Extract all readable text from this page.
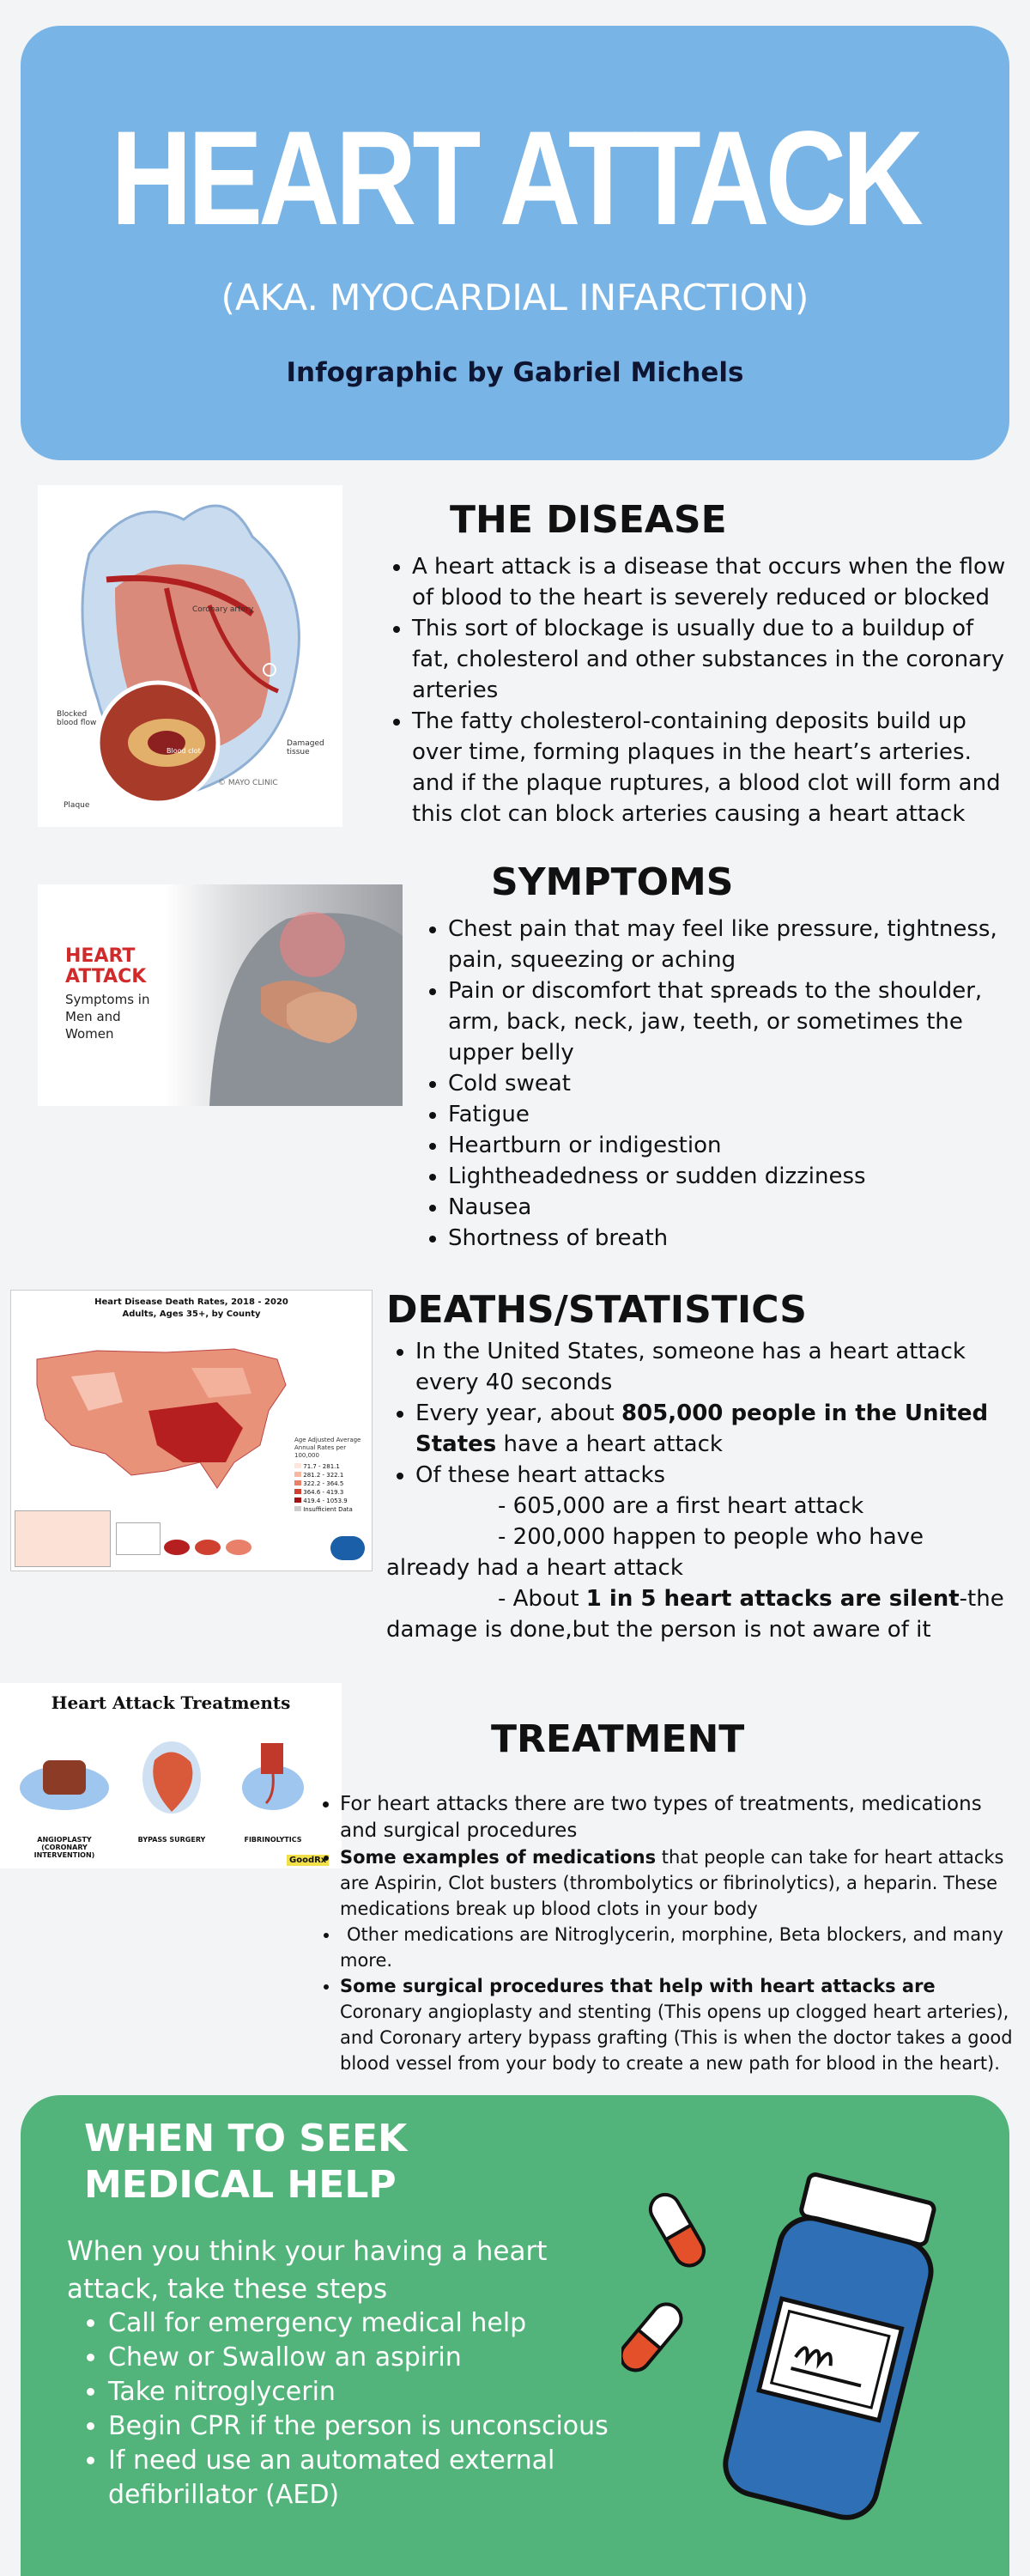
HEART ATTACK
(AKA. MYOCARDIAL INFARCTION)
Infographic by Gabriel Michels
Coronary artery
Blocked blood flow
Damaged tissue
Plaque
Blood clot
© MAYO CLINIC
THE DISEASE
• A heart attack is a disease that occurs when the flow of blood to the heart is severely reduced or blocked
• This sort of blockage is usually due to a buildup of fat, cholesterol and other substances in the coronary arteries
• The fatty cholesterol-containing deposits build up over time, forming plaques in the heart’s arteries. and if the plaque ruptures, a blood clot will form and this clot can block arteries causing a heart attack
HEART ATTACK
Symptoms in Men and Women
SYMPTOMS
• Chest pain that may feel like pressure, tightness, pain, squeezing or aching
• Pain or discomfort that spreads to the shoulder, arm, back, neck, jaw, teeth, or sometimes the upper belly
• Cold sweat
• Fatigue
• Heartburn or indigestion
• Lightheadedness or sudden dizziness
• Nausea
• Shortness of breath
Heart Disease Death Rates, 2018 - 2020
Adults, Ages 35+, by County
Age Adjusted Average Annual Rates per 100,000
71.7 - 281.1
281.2 - 322.1
322.2 - 364.5
364.6 - 419.3
419.4 - 1053.9
Insufficient Data
DEATHS/STATISTICS
• In the United States, someone has a heart attack every 40 seconds
• Every year, about 805,000 people in the United States have a heart attack
• Of these heart attacks
- 605,000 are a first heart attack
- 200,000 happen to people who have already had a heart attack
- About 1 in 5 heart attacks are silent-the damage is done,but the person is not aware of it
Heart Attack Treatments
ANGIOPLASTY (CORONARY INTERVENTION)
BYPASS SURGERY	FIBRINOLYTICS
GoodRx
TREATMENT
• For heart attacks there are two types of treatments, medications and surgical procedures
• Some examples of medications that people can take for heart attacks are Aspirin, Clot busters (thrombolytics or fibrinolytics), a heparin. These medications break up blood clots in your body
• Other medications are Nitroglycerin, morphine, Beta blockers, and many more.
• Some surgical procedures that help with heart attacks are Coronary angioplasty and stenting (This opens up clogged heart arteries), and Coronary artery bypass grafting (This is when the doctor takes a good blood vessel from your body to create a new path for blood in the heart).
WHEN TO SEEK MEDICAL HELP
When you think your having a heart attack, take these steps
• Call for emergency medical help
• Chew or Swallow an aspirin
• Take nitroglycerin
• Begin CPR if the person is unconscious
• If need use an automated external defibrillator (AED)
